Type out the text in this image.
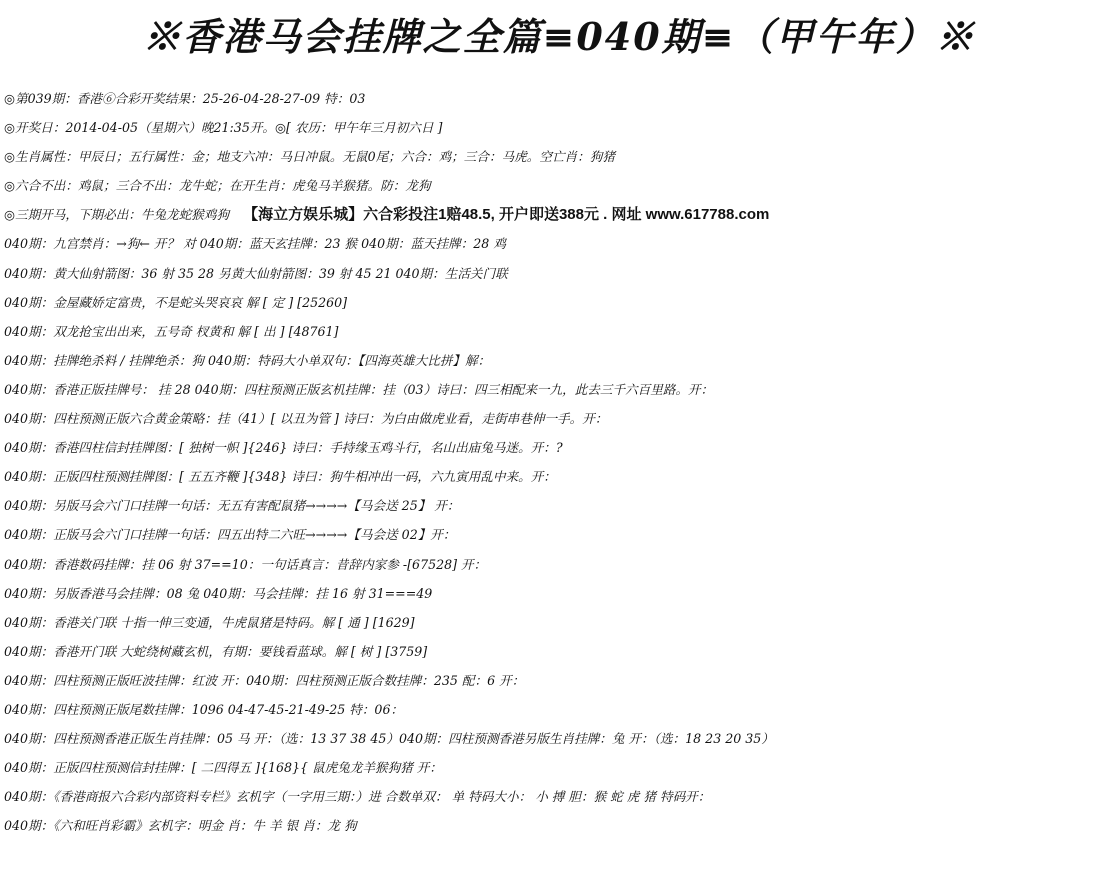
※香港马会挂牌之全篇≡040期≡（甲午年）※
◎第039期：香港⑥合彩开奖结果：25-26-04-28-27-09 特：03
◎开奖日：2014-04-05（星期六）晚21:35开。◎[ 农历：甲午年三月初六日 ]
◎生肖属性：甲辰日；五行属性：金；地支六冲：马日冲鼠。无鼠0尾；六合：鸡；三合：马虎。空亡肖：狗猪
◎六合不出：鸡鼠；三合不出：龙牛蛇；在开生肖：虎兔马羊猴猪。防：龙狗
◎三期开马，下期必出：牛兔龙蛇猴鸡狗 【海立方娱乐城】六合彩投注1赔48.5, 开户即送388元 . 网址 www.617788.com
040期：九宫禁肖：→狗← 开？ 对 040期：蓝天玄挂牌：23 猴 040期：蓝天挂牌：28 鸡
040期：黄大仙射箭图：36 射 35 28 另黄大仙射箭图：39 射 45 21 040期：生活关门联
040期：金屋藏娇定富贵，不是蛇头哭哀哀 解 [ 定 ] [25260]
040期：双龙抢宝出出来，五号奇 杈黄和 解 [ 出 ] [48761]
040期：挂牌绝杀料 / 挂牌绝杀：狗 040期：特码大小单双句：【四海英雄大比拼】解：
040期：香港正版挂牌号： 挂 28 040期：四柱预测正版玄机挂牌：挂（03）诗曰：四三相配来一九，此去三千六百里路。开：
040期：四柱预测正版六合黄金策略：挂（41）[ 以丑为管 ] 诗曰：为白由做虎业看，走街串巷伸一手。开：
040期：香港四柱信封挂牌图：[ 独树一帜 ]{246} 诗曰：手持缘玉鸡斗行，名山出庙兔马迷。开：?
040期：正版四柱预测挂牌图：[ 五五齐鞭 ]{348} 诗曰：狗牛相冲出一码，六九寅用乱中来。开：
040期：另版马会六门口挂牌一句话：无五有害配鼠猪→→→→【马会送 25】 开：
040期：正版马会六门口挂牌一句话：四五出特二六旺→→→→【马会送 02】开：
040期：香港数码挂牌：挂 06 射 37==10：一句话真言：昔辞内家参 -[67528] 开：
040期：另版香港马会挂牌：08 兔 040期：马会挂牌：挂 16 射 31===49
040期：香港关门联 十指一伸三变通，牛虎鼠猪是特码。解 [ 通 ] [1629]
040期：香港开门联 大蛇绕树藏玄机，有期：要钱看蓝球。解 [ 树 ] [3759]
040期：四柱预测正版旺波挂牌：红波 开：040期：四柱预测正版合数挂牌：235 配：6 开：
040期：四柱预测正版尾数挂牌：1096 04-47-45-21-49-25 特：06：
040期：四柱预测香港正版生肖挂牌：05 马 开：（选：13 37 38 45）040期：四柱预测香港另版生肖挂牌：兔 开：（选：18 23 20 35）
040期：正版四柱预测信封挂牌：[ 二四得五 ]{168}{ 鼠虎兔龙羊猴狗猪 开：
040期：《香港商报六合彩内部资料专栏》玄机字（一字用三期：）进 合数单双： 单 特码大小： 小 搏 胆：猴 蛇 虎 猪 特码开：
040期：《六和旺肖彩霸》玄机字：明金 肖：牛 羊 银 肖：龙 狗
